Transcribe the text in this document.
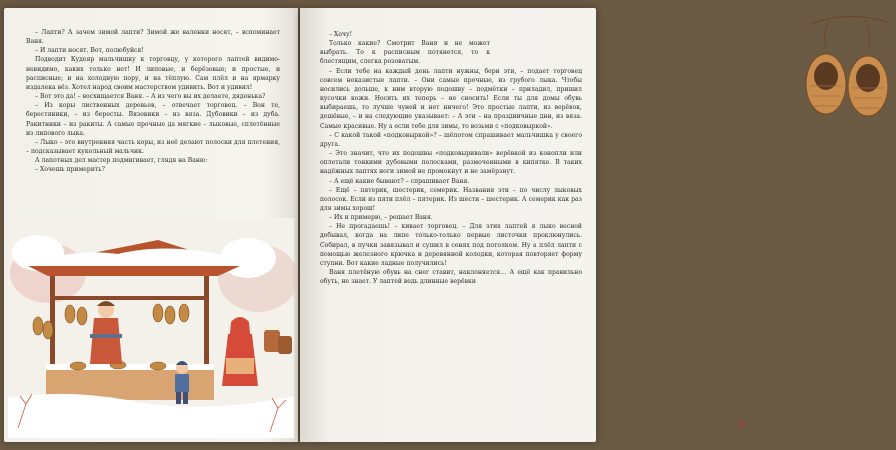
– Лапти? А зачем зимой лапти? Зимой же валенки носят, – вспоминает Ваня.

– И лапти носят. Вот, полюбуйся!

Подводит Кудеяр мальчишку к торговцу, у которого лаптей видимо-невидимо, каких только нет! И липовые, и берёзовые; и простые, и расписные; и на холодную пору, и на тёплую. Сам плёл и на ярмарку издалека вёз. Хотел народ своим мастерством удивить. Вот и удивил!

– Вот это да! – восхищается Ваня. – А из чего вы их делаете, дяденька?

– Из коры лиственных деревьев, – отвечает торговец. – Вон те, берестяники, – из бересты. Вязовики – из вяза. Дубовики – из дуба. Ракитники – из ракиты. А самые прочные да мягкие – лыковые, сплетённые из липового лыка.

– Лыко – это внутренняя часть коры, из неё делают полоски для плетения, – подсказывает кукольный мальчик.

А лапотных дел мастер подмигивает, глядя на Ваню:

– Хочешь примерить?

– Хочу!

Только какие? Смотрит Ваня и не может выбрать. То к расписным потянется, то к блестящим, слегка розоватым.

– Если тебе на каждый день лапти нужны, бери эти, – подает торговец совсем неказистые лапти. – Они самые прочные, из грубого лыка. Чтобы носились дольше, к ним вторую подошву – подмётки – приладил, пришил кусочки кожи. Носить их теперь – не сносить! Если ты для домы обувь выбираешь, то лучше чуней и нет ничего! Это простые лапти, из верёвок, дешёвые, – и на следующие указывает: – А эти – на праздничные дни, из вяза. Самые красивые. Ну а если тебе для зимы, то возьми с «подковыркой».

– С какой такой «подковыркой»? – шёпотом спрашивает мальчишка у своего друга.

– Это значит, что их подошвы «подковыривали» верёвкой из конопли или оплетали тонкими дубовыми полосками, размоченными в кипятке. В таких надёжных лаптях ноги зимой не промокнут и не замёрзнут.

– А ещё какие бывают? – спрашивает Ваня.

– Ещё – пятерик, шестерик, семерик. Названия эти – по числу лыковых полосок. Если из пяти плёл – пятерик. Из шести – шестерик. А семерик как раз для зимы хорош!

– Их и примерю, – решает Ваня.

– Не прогадаешь! – кивает торговец. – Для этих лаптей я лыко весной добывал, когда на липе только-только первые листочки проклюнулись. Собирал, в пучки завязывал и сушил в сенях под потолком. Ну а плёл лапти с помощью железного крючка и деревянной колодки, которая повторяет форму ступни. Вот какие ладные получились!

Ваня плетёную обувь на снег ставит, наклоняется… А ещё как правильно обуть, не знает. У лаптей ведь длинные верёвки

19
